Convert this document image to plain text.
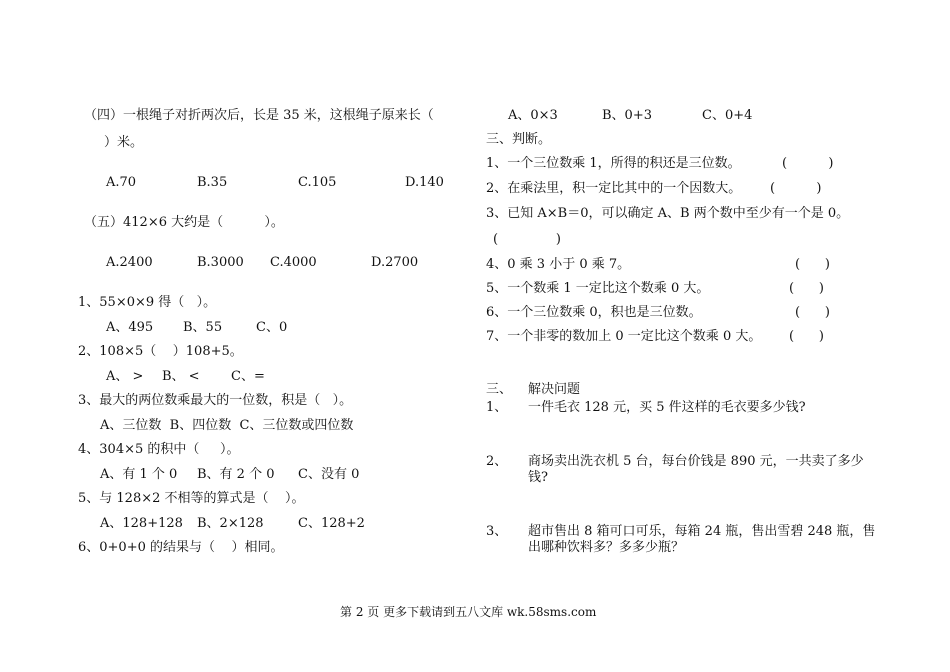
（四）一根绳子对折两次后，长是 35 米，这根绳子原来长（
）米。
A.70	B.35	C.105	D.140
（五）412×6 大约是（          ）。
A.2400	B.3000 C.4000	D.2700
1、55×0×9 得（   ）。
A、495 B、55	C、0
2、108×5（    ）108+5。
A、 > B、 < C、=
3、最大的两位数乘最大的一位数，积是（   ）。
A、三位数  B、四位数  C、三位数或四位数
4、304×5 的积中（     ）。
A、有 1 个 0 B、有 2 个 0 C、没有 0
5、与 128×2 不相等的算式是（    ）。
A、128+128 B、2×128	C、128+2
6、0+0+0 的结果与（    ）相同。
A、0×3	B、0+3	C、0+4
三、判断。
1、一个三位数乘 1，所得的积还是三位数。	(          )
2、在乘法里，积一定比其中的一个因数大。 (          )
3、已知 A×B＝0，可以确定 A、B 两个数中至少有一个是 0。
(              )
4、0 乘 3 小于 0 乘 7。	(      )
5、一个数乘 1 一定比这个数乘 0 大。	(      )
6、一个三位数乘 0，积也是三位数。	(      )
7、一个非零的数加上 0 一定比这个数乘 0 大。 (      )
三、 解决问题
1、 一件毛衣 128 元，买 5 件这样的毛衣要多少钱?
2、 商场卖出洗衣机 5 台，每台价钱是 890 元，一共卖了多少
钱?
3、 超市售出 8 箱可口可乐，每箱 24 瓶，售出雪碧 248 瓶，售
出哪种饮料多？多多少瓶？
第 2 页 更多下载请到五八文库 wk.58sms.com
